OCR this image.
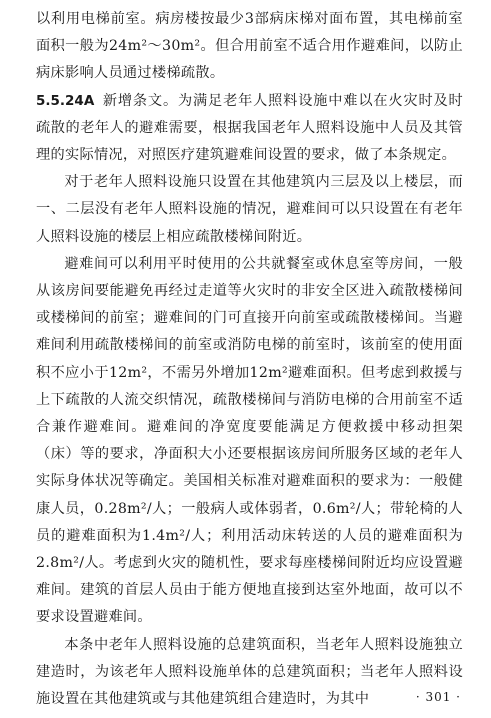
以利用电梯前室。病房楼按最少3部病床梯对面布置，其电梯前室面积一般为24m²～30m²。但合用前室不适合用作避难间，以防止病床影响人员通过楼梯疏散。

5.5.24A 新增条文。为满足老年人照料设施中难以在火灾时及时疏散的老年人的避难需要，根据我国老年人照料设施中人员及其管理的实际情况，对照医疗建筑避难间设置的要求，做了本条规定。

对于老年人照料设施只设置在其他建筑内三层及以上楼层，而一、二层没有老年人照料设施的情况，避难间可以只设置在有老年人照料设施的楼层上相应疏散楼梯间附近。

避难间可以利用平时使用的公共就餐室或休息室等房间，一般从该房间要能避免再经过走道等火灾时的非安全区进入疏散楼梯间或楼梯间的前室；避难间的门可直接开向前室或疏散楼梯间。当避难间利用疏散楼梯间的前室或消防电梯的前室时，该前室的使用面积不应小于12m²，不需另外增加12m²避难面积。但考虑到救援与上下疏散的人流交织情况，疏散楼梯间与消防电梯的合用前室不适合兼作避难间。避难间的净宽度要能满足方便救援中移动担架（床）等的要求，净面积大小还要根据该房间所服务区域的老年人实际身体状况等确定。美国相关标准对避难面积的要求为：一般健康人员，0.28m²/人；一般病人或体弱者，0.6m²/人；带轮椅的人员的避难面积为1.4m²/人；利用活动床转送的人员的避难面积为2.8m²/人。考虑到火灾的随机性，要求每座楼梯间附近均应设置避难间。建筑的首层人员由于能方便地直接到达室外地面，故可以不要求设置避难间。

本条中老年人照料设施的总建筑面积，当老年人照料设施独立建造时，为该老年人照料设施单体的总建筑面积；当老年人照料设施设置在其他建筑或与其他建筑组合建造时，为其中	· 301 ·
